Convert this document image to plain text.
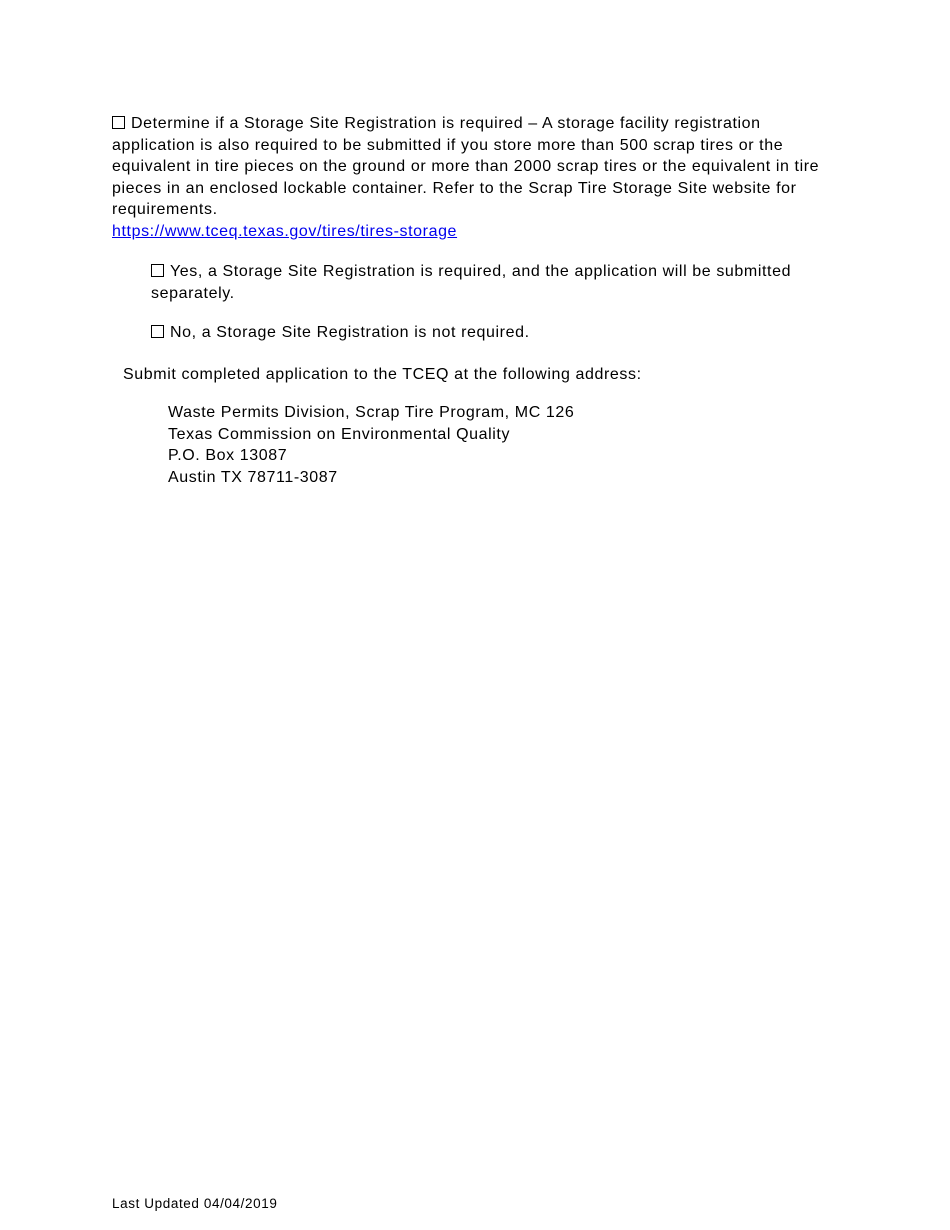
Determine if a Storage Site Registration is required – A storage facility registration application is also required to be submitted if you store more than 500 scrap tires or the equivalent in tire pieces on the ground or more than 2000 scrap tires or the equivalent in tire pieces in an enclosed lockable container. Refer to the Scrap Tire Storage Site website for requirements.
https://www.tceq.texas.gov/tires/tires-storage
Yes, a Storage Site Registration is required, and the application will be submitted separately.
No, a Storage Site Registration is not required.
Submit completed application to the TCEQ at the following address:
Waste Permits Division, Scrap Tire Program, MC 126
Texas Commission on Environmental Quality
P.O. Box 13087
Austin TX 78711-3087
Last Updated 04/04/2019
